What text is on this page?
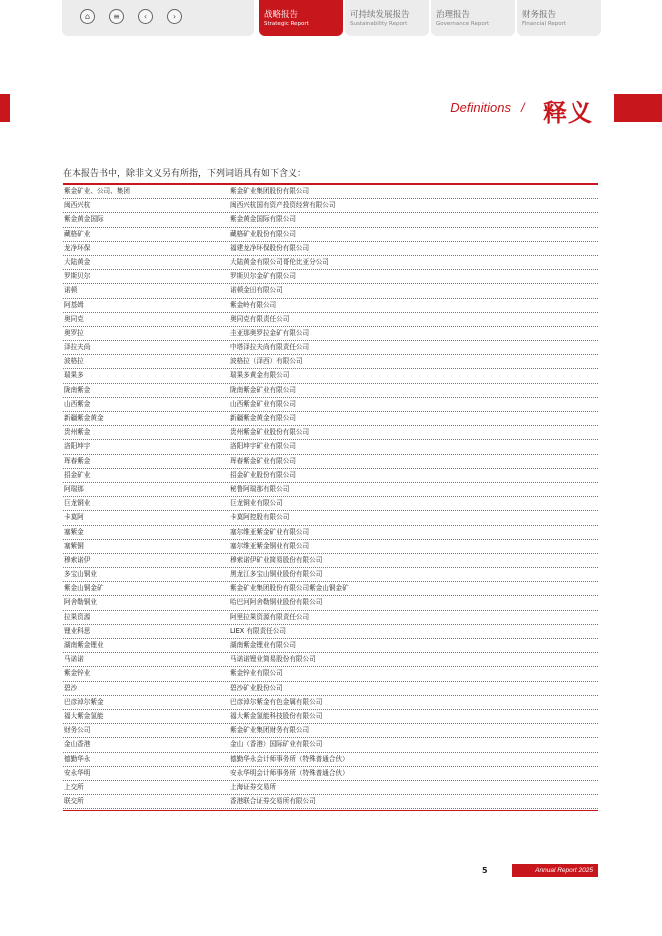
⌂	≡	‹	›	战略报告
Strategic Report
可持续发展报告
Sustainability Report
治理报告
Governance Report
财务报告
Financial Report
Definitions / 释义
在本报告书中，除非文义另有所指，下列词语具有如下含义：
紫金矿业、公司、集团	紫金矿业集团股份有限公司
闽西兴杭	闽西兴杭国有资产投资经营有限公司
紫金黄金国际	紫金黄金国际有限公司
藏格矿业	藏格矿业股份有限公司
龙净环保	福建龙净环保股份有限公司
大陆黄金	大陆黄金有限公司哥伦比亚分公司
罗斯贝尔	罗斯贝尔金矿有限公司
诺顿	诺顿金田有限公司
阿基姆	紫金岭有限公司
奥同克	奥同克有限责任公司
奥罗拉	圭亚那奥罗拉金矿有限公司
泽拉夫尚	中塔泽拉夫尚有限责任公司
波格拉	波格拉（泽西）有限公司
瑞果多	瑞果多黄金有限公司
陇南紫金	陇南紫金矿业有限公司
山西紫金	山西紫金矿业有限公司
新疆紫金黄金	新疆紫金黄金有限公司
贵州紫金	贵州紫金矿业股份有限公司
洛阳坤宇	洛阳坤宇矿业有限公司
珲春紫金	珲春紫金矿业有限公司
招金矿业	招金矿业股份有限公司
阿瑞那	秘鲁阿瑞那有限公司
巨龙铜业	巨龙铜业有限公司
卡莫阿	卡莫阿控股有限公司
塞紫金	塞尔维亚紫金矿业有限公司
塞紫铜	塞尔维亚紫金铜业有限公司
穆索诺伊	穆索诺伊矿业简易股份有限公司
多宝山铜业	黑龙江多宝山铜业股份有限公司
紫金山铜金矿	紫金矿业集团股份有限公司紫金山铜金矿
阿舍勒铜业	哈巴河阿舍勒铜业股份有限公司
拉果资源	阿里拉果资源有限责任公司
锂业科思	LIEX 有限责任公司
湖南紫金锂业	湖南紫金锂业有限公司
马诺诺	马诺诺锂业简易股份有限公司
紫金锌业	紫金锌业有限公司
碧沙	碧沙矿业股份公司
巴彦淖尔紫金	巴彦淖尔紫金有色金属有限公司
福大紫金氢能	福大紫金氢能科技股份有限公司
财务公司	紫金矿业集团财务有限公司
金山香港	金山（香港）国际矿业有限公司
德勤华永	德勤华永会计师事务所（特殊普通合伙）
安永华明	安永华明会计师事务所（特殊普通合伙）
上交所	上海证券交易所
联交所	香港联合证券交易所有限公司
5	Annual Report 2025
